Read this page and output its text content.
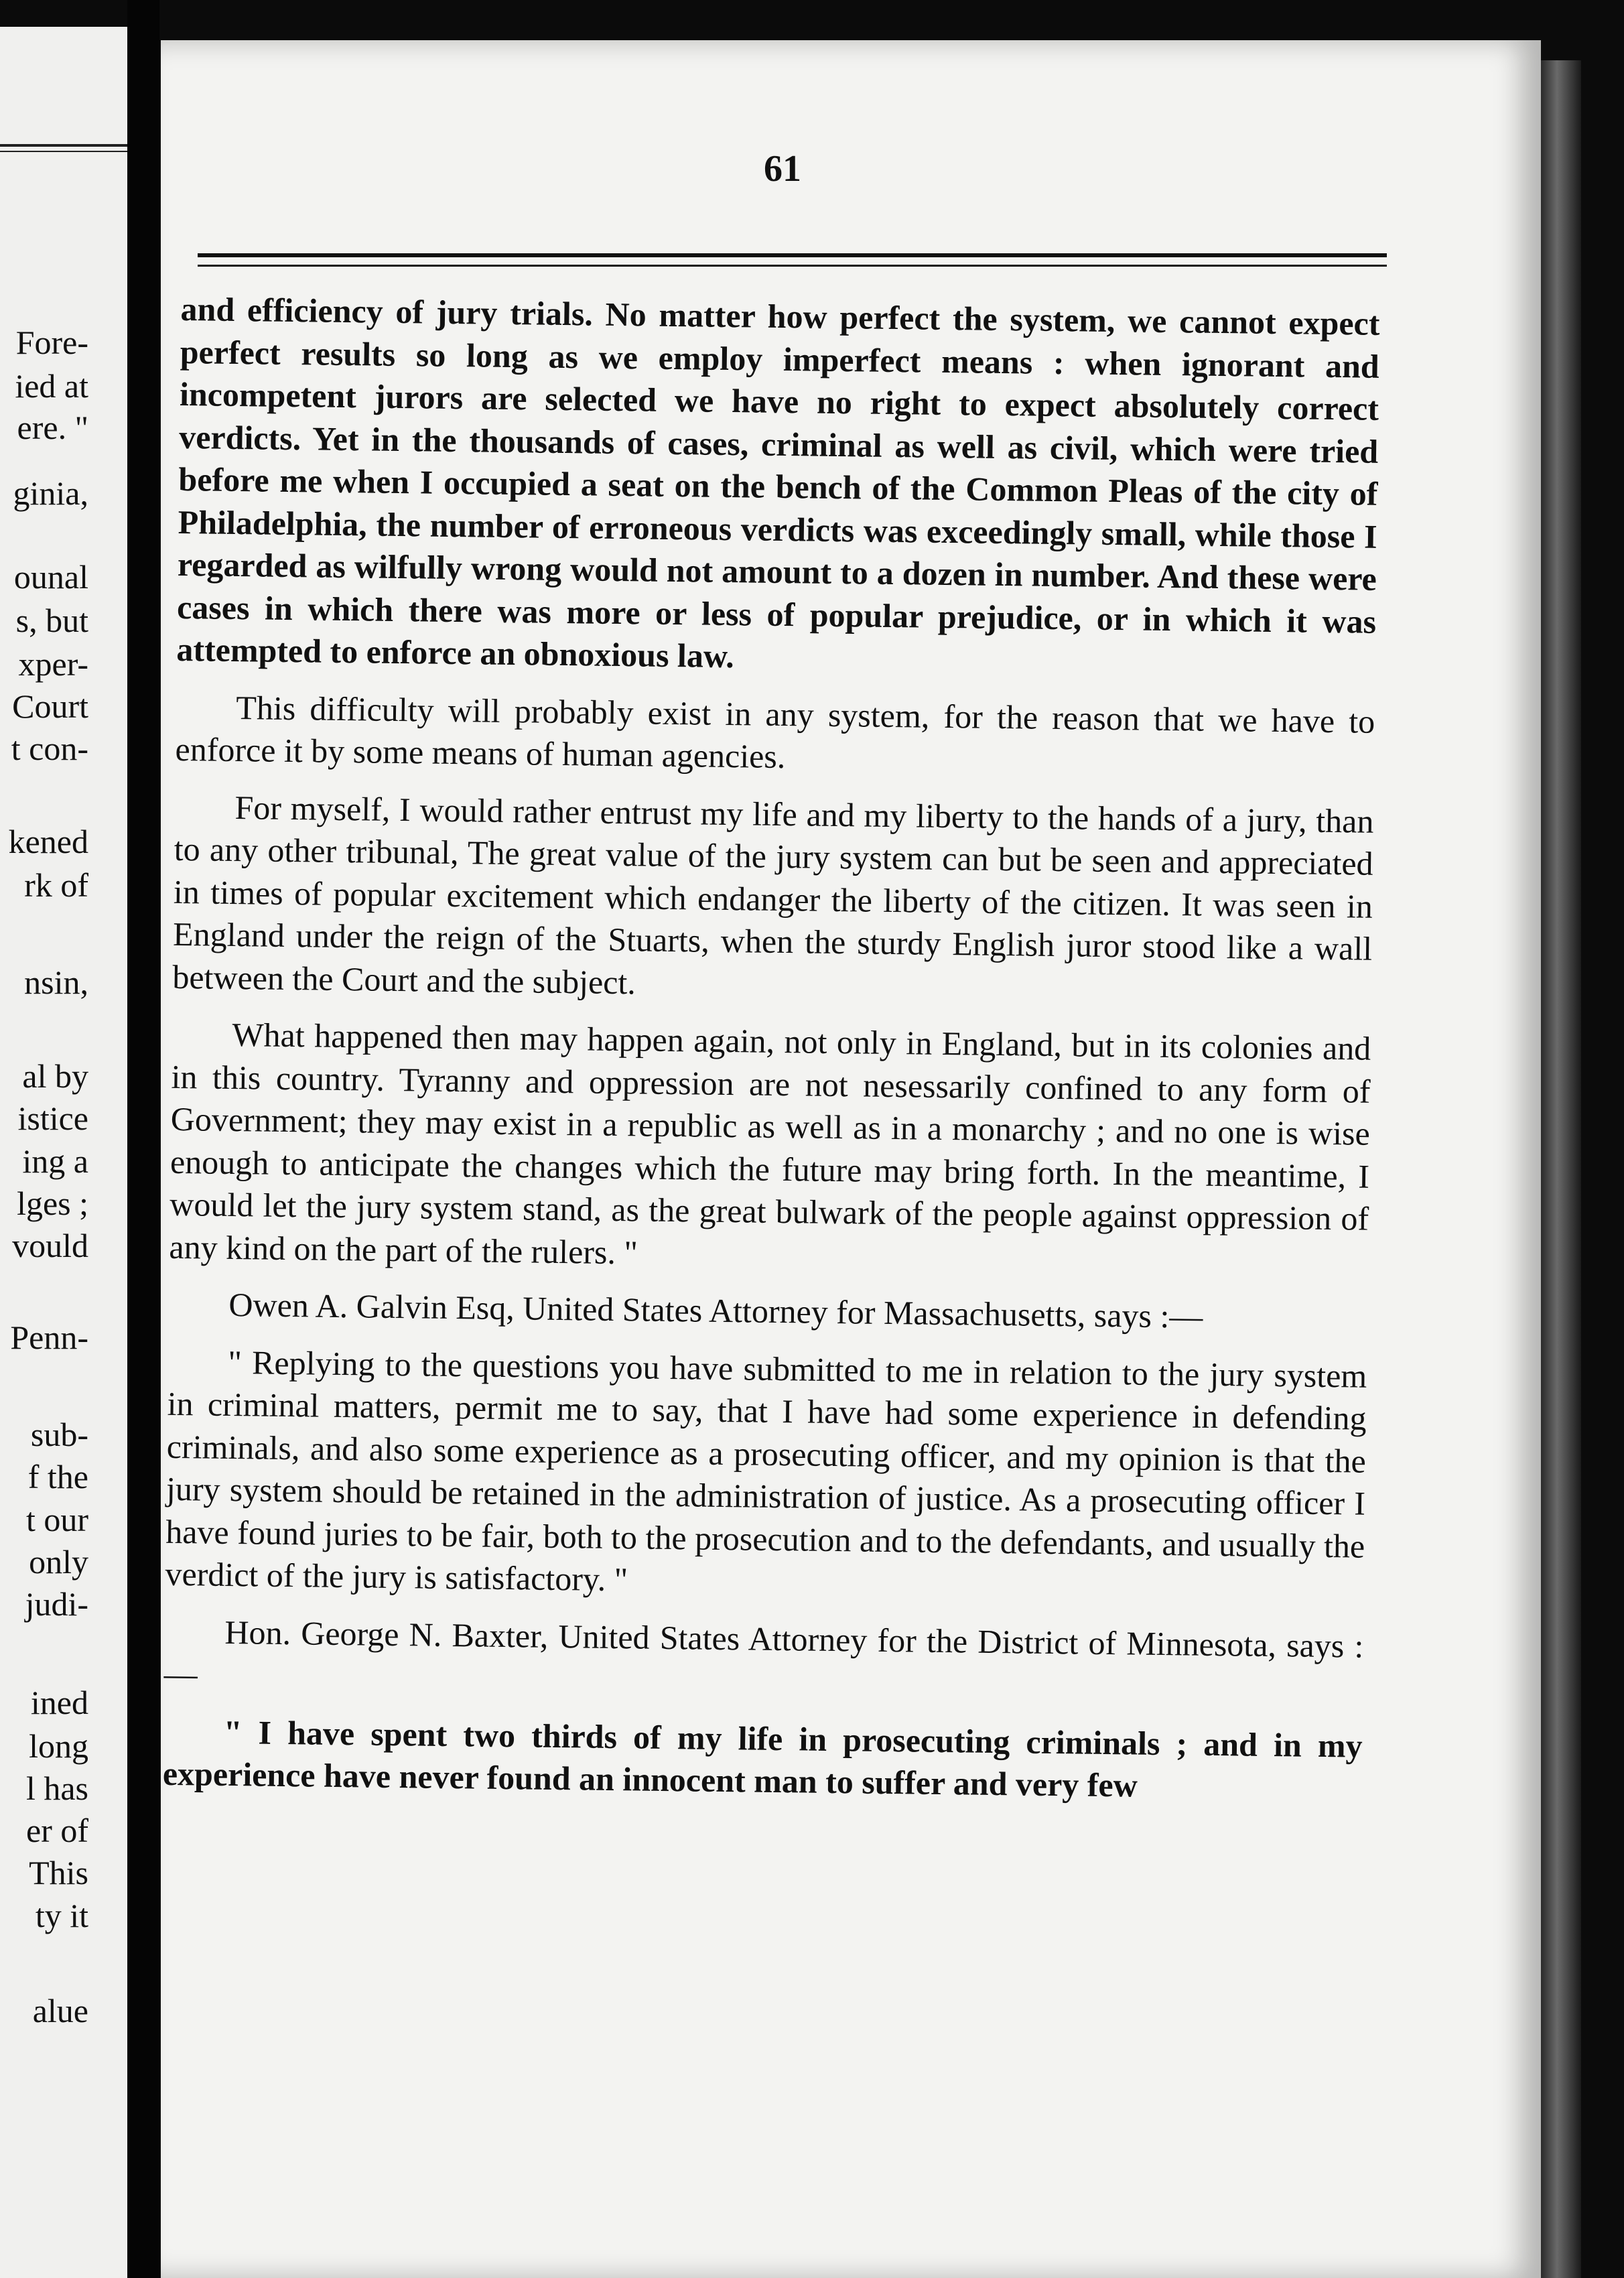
Fore-
ied at
ere. "
ginia,
ounal
s, but
xper-
Court
t con-
kened
rk of
nsin,
al by
istice
ing a
lges ;
vould
Penn-
sub-
f the
t our
only
judi-
ined
long
l has
er of
This
ty it
alue
61

and efficiency of jury trials. No matter how perfect the system, we cannot expect perfect results so long as we employ imperfect means : when ignorant and incompetent jurors are selected we have no right to expect absolutely correct verdicts. Yet in the thousands of cases, criminal as well as civil, which were tried before me when I occupied a seat on the bench of the Common Pleas of the city of Philadelphia, the number of erroneous verdicts was exceedingly small, while those I regarded as wilfully wrong would not amount to a dozen in number. And these were cases in which there was more or less of popular prejudice, or in which it was attempted to enforce an obnoxious law.

This difficulty will probably exist in any system, for the reason that we have to enforce it by some means of human agencies.

For myself, I would rather entrust my life and my liberty to the hands of a jury, than to any other tribunal, The great value of the jury system can but be seen and appreciated in times of popular excitement which endanger the liberty of the citizen. It was seen in England under the reign of the Stuarts, when the sturdy English juror stood like a wall between the Court and the subject.

What happened then may happen again, not only in England, but in its colonies and in this country. Tyranny and oppression are not nesessarily confined to any form of Government; they may exist in a republic as well as in a monarchy ; and no one is wise enough to anticipate the changes which the future may bring forth. In the meantime, I would let the jury system stand, as the great bulwark of the people against oppression of any kind on the part of the rulers. "

Owen A. Galvin Esq, United States Attorney for Massachusetts, says :—

" Replying to the questions you have submitted to me in relation to the jury system in criminal matters, permit me to say, that I have had some experience in defending criminals, and also some experience as a prosecuting officer, and my opinion is that the jury system should be retained in the administration of justice. As a prosecuting officer I have found juries to be fair, both to the prosecution and to the defendants, and usually the verdict of the jury is satisfactory. "

Hon. George N. Baxter, United States Attorney for the District of Minnesota, says :—

" I have spent two thirds of my life in prosecuting criminals ; and in my experience have never found an innocent man to suffer and very few
